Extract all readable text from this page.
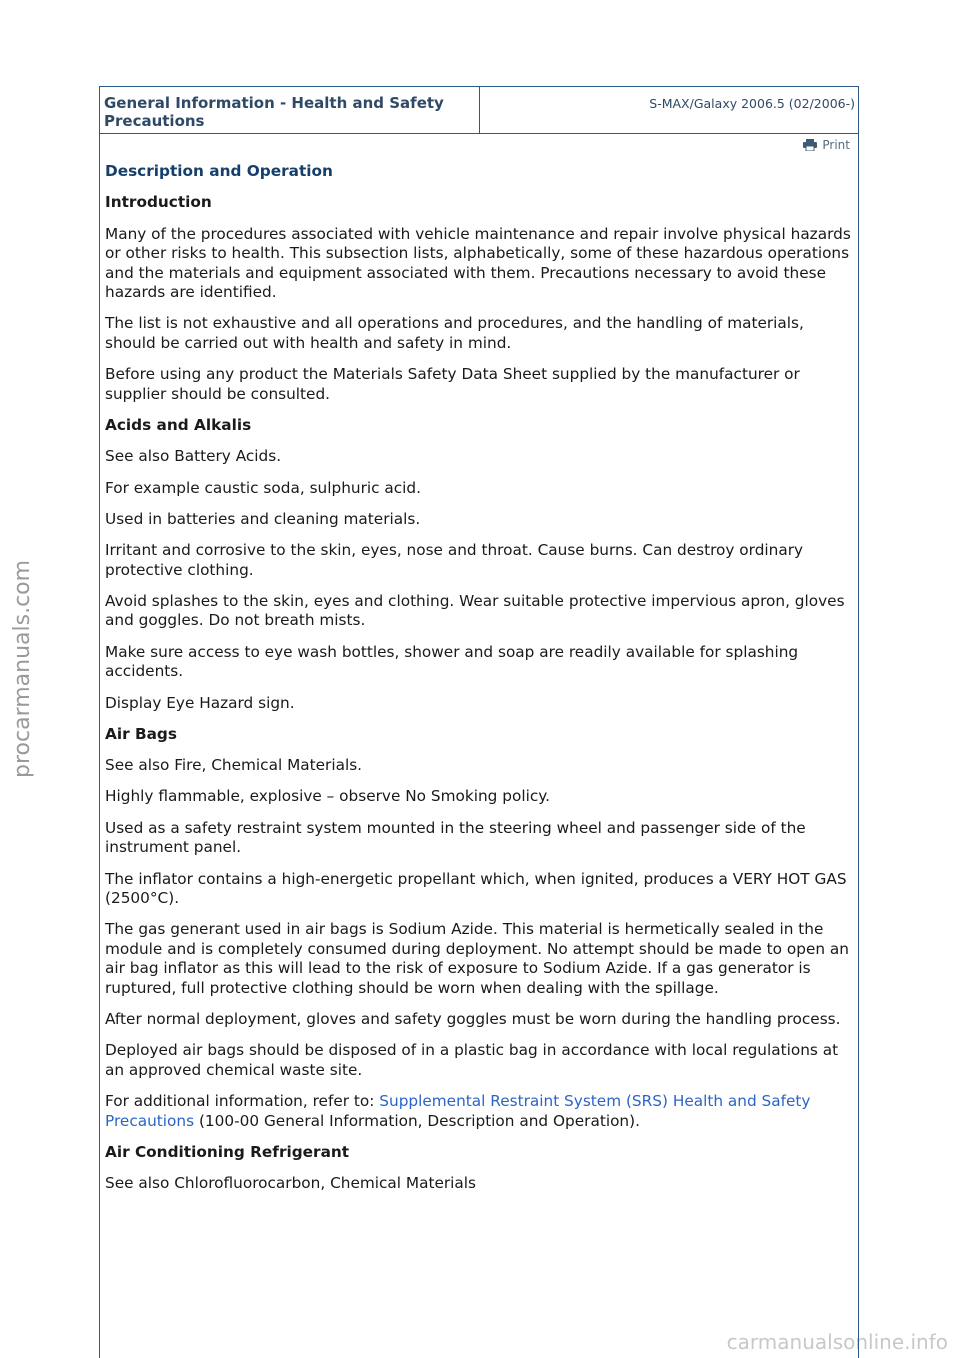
procarmanuals.com
carmanualsonline.info
General Information - Health and Safety Precautions
S-MAX/Galaxy 2006.5 (02/2006-)
Print

Description and Operation

Introduction

Many of the procedures associated with vehicle maintenance and repair involve physical hazards or other risks to health. This subsection lists, alphabetically, some of these hazardous operations and the materials and equipment associated with them. Precautions necessary to avoid these hazards are identified.

The list is not exhaustive and all operations and procedures, and the handling of materials, should be carried out with health and safety in mind.

Before using any product the Materials Safety Data Sheet supplied by the manufacturer or supplier should be consulted.

Acids and Alkalis

See also Battery Acids.

For example caustic soda, sulphuric acid.

Used in batteries and cleaning materials.

Irritant and corrosive to the skin, eyes, nose and throat. Cause burns. Can destroy ordinary protective clothing.

Avoid splashes to the skin, eyes and clothing. Wear suitable protective impervious apron, gloves and goggles. Do not breath mists.

Make sure access to eye wash bottles, shower and soap are readily available for splashing accidents.

Display Eye Hazard sign.

Air Bags

See also Fire, Chemical Materials.

Highly flammable, explosive – observe No Smoking policy.

Used as a safety restraint system mounted in the steering wheel and passenger side of the instrument panel.

The inflator contains a high-energetic propellant which, when ignited, produces a VERY HOT GAS (2500°C).

The gas generant used in air bags is Sodium Azide. This material is hermetically sealed in the module and is completely consumed during deployment. No attempt should be made to open an air bag inflator as this will lead to the risk of exposure to Sodium Azide. If a gas generator is ruptured, full protective clothing should be worn when dealing with the spillage.

After normal deployment, gloves and safety goggles must be worn during the handling process.

Deployed air bags should be disposed of in a plastic bag in accordance with local regulations at an approved chemical waste site.

For additional information, refer to: Supplemental Restraint System (SRS) Health and Safety Precautions (100-00 General Information, Description and Operation).

Air Conditioning Refrigerant

See also Chlorofluorocarbon, Chemical Materials
